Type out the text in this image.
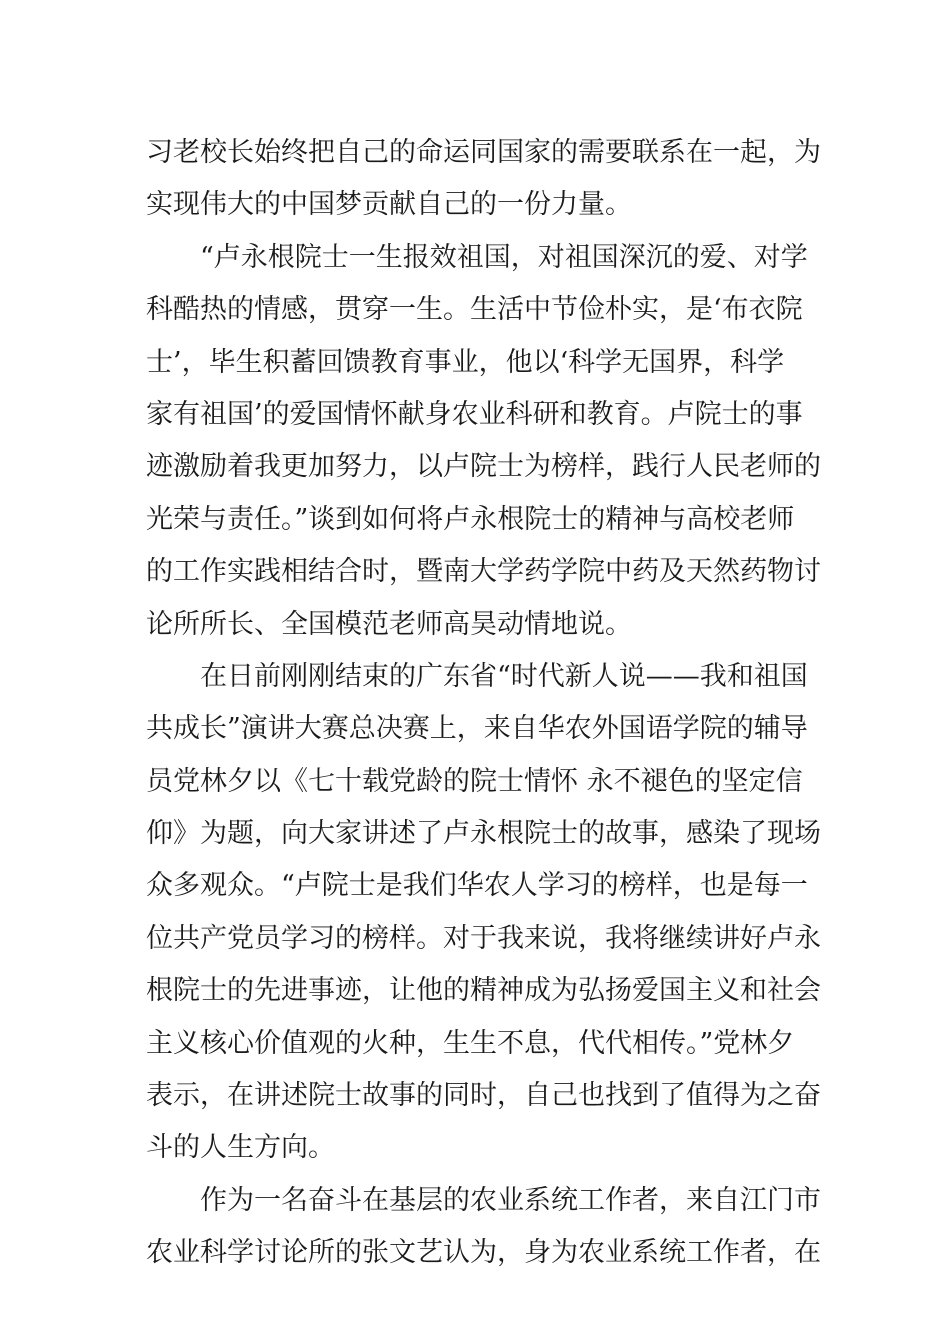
习老校长始终把自己的命运同国家的需要联系在一起，为
实现伟大的中国梦贡献自己的一份力量。
“卢永根院士一生报效祖国，对祖国深沉的爱、对学
科酷热的情感，贯穿一生。生活中节俭朴实，是‘布衣院
士’，毕生积蓄回馈教育事业，他以‘科学无国界，科学
家有祖国’的爱国情怀献身农业科研和教育。卢院士的事
迹激励着我更加努力，以卢院士为榜样，践行人民老师的
光荣与责任。”谈到如何将卢永根院士的精神与高校老师
的工作实践相结合时，暨南大学药学院中药及天然药物讨
论所所长、全国模范老师高昊动情地说。
在日前刚刚结束的广东省“时代新人说——我和祖国
共成长”演讲大赛总决赛上，来自华农外国语学院的辅导
员党林夕以《七十载党龄的院士情怀 永不褪色的坚定信
仰》为题，向大家讲述了卢永根院士的故事，感染了现场
众多观众。“卢院士是我们华农人学习的榜样，也是每一
位共产党员学习的榜样。对于我来说，我将继续讲好卢永
根院士的先进事迹，让他的精神成为弘扬爱国主义和社会
主义核心价值观的火种，生生不息，代代相传。”党林夕
表示，在讲述院士故事的同时，自己也找到了值得为之奋
斗的人生方向。
作为一名奋斗在基层的农业系统工作者，来自江门市
农业科学讨论所的张文艺认为，身为农业系统工作者，在
